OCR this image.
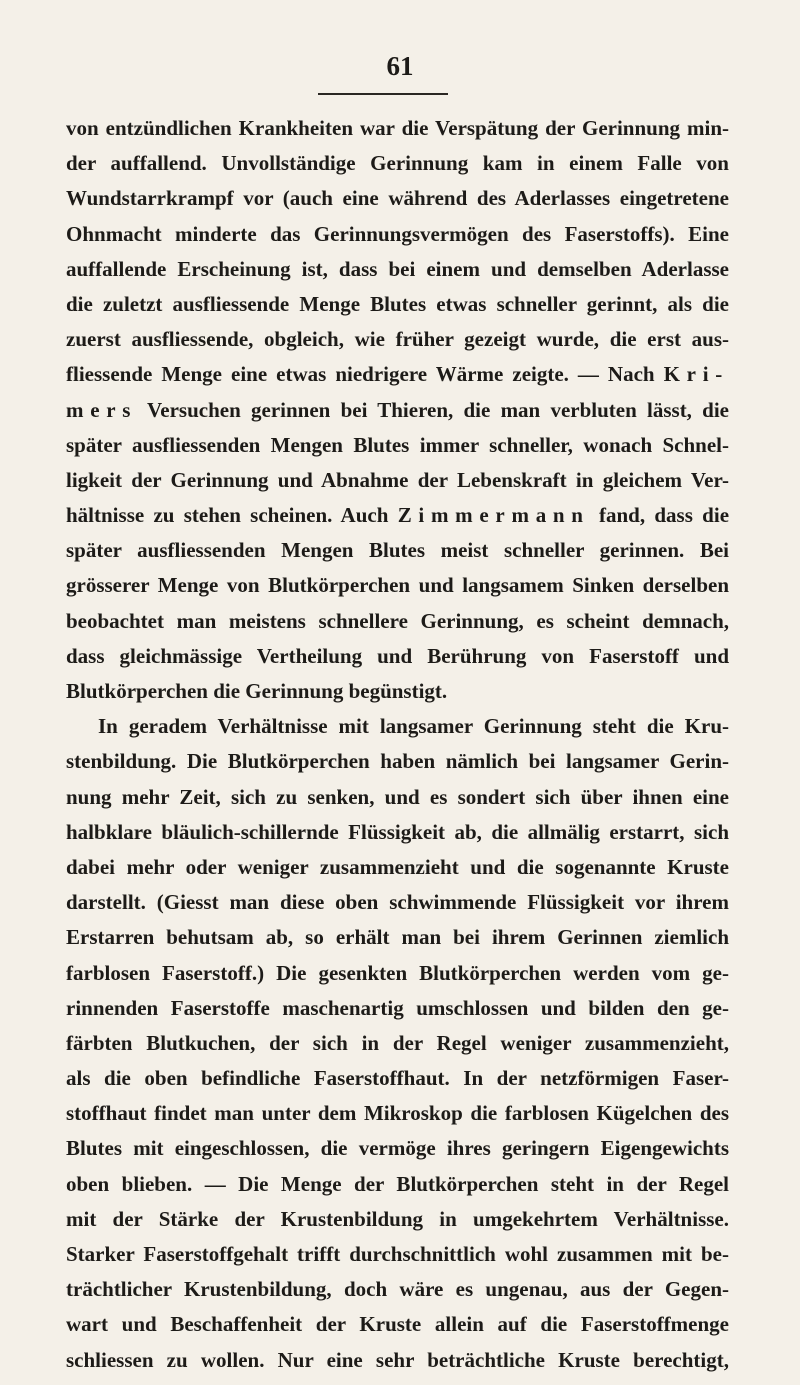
61
von entzündlichen Krankheiten war die Verspätung der Gerinnung min-
der auffallend. Unvollständige Gerinnung kam in einem Falle von
Wundstarrkrampf vor (auch eine während des Aderlasses eingetretene
Ohnmacht minderte das Gerinnungsvermögen des Faserstoffs). Eine
auffallende Erscheinung ist, dass bei einem und demselben Aderlasse
die zuletzt ausfliessende Menge Blutes etwas schneller gerinnt, als die
zuerst ausfliessende, obgleich, wie früher gezeigt wurde, die erst aus-
fliessende Menge eine etwas niedrigere Wärme zeigte. — Nach Kri-
mers Versuchen gerinnen bei Thieren, die man verbluten lässt, die
später ausfliessenden Mengen Blutes immer schneller, wonach Schnel-
ligkeit der Gerinnung und Abnahme der Lebenskraft in gleichem Ver-
hältnisse zu stehen scheinen. Auch Zimmermann fand, dass die
später ausfliessenden Mengen Blutes meist schneller gerinnen. Bei
grösserer Menge von Blutkörperchen und langsamem Sinken derselben
beobachtet man meistens schnellere Gerinnung, es scheint demnach,
dass gleichmässige Vertheilung und Berührung von Faserstoff und
Blutkörperchen die Gerinnung begünstigt.
In geradem Verhältnisse mit langsamer Gerinnung steht die Kru-
stenbildung. Die Blutkörperchen haben nämlich bei langsamer Gerin-
nung mehr Zeit, sich zu senken, und es sondert sich über ihnen eine
halbklare bläulich-schillernde Flüssigkeit ab, die allmälig erstarrt, sich
dabei mehr oder weniger zusammenzieht und die sogenannte Kruste
darstellt. (Giesst man diese oben schwimmende Flüssigkeit vor ihrem
Erstarren behutsam ab, so erhält man bei ihrem Gerinnen ziemlich
farblosen Faserstoff.) Die gesenkten Blutkörperchen werden vom ge-
rinnenden Faserstoffe maschenartig umschlossen und bilden den ge-
färbten Blutkuchen, der sich in der Regel weniger zusammenzieht,
als die oben befindliche Faserstoffhaut. In der netzförmigen Faser-
stoffhaut findet man unter dem Mikroskop die farblosen Kügelchen des
Blutes mit eingeschlossen, die vermöge ihres geringern Eigengewichts
oben blieben. — Die Menge der Blutkörperchen steht in der Regel
mit der Stärke der Krustenbildung in umgekehrtem Verhältnisse.
Starker Faserstoffgehalt trifft durchschnittlich wohl zusammen mit be-
trächtlicher Krustenbildung, doch wäre es ungenau, aus der Gegen-
wart und Beschaffenheit der Kruste allein auf die Faserstoffmenge
schliessen zu wollen. Nur eine sehr beträchtliche Kruste berechtigt,
